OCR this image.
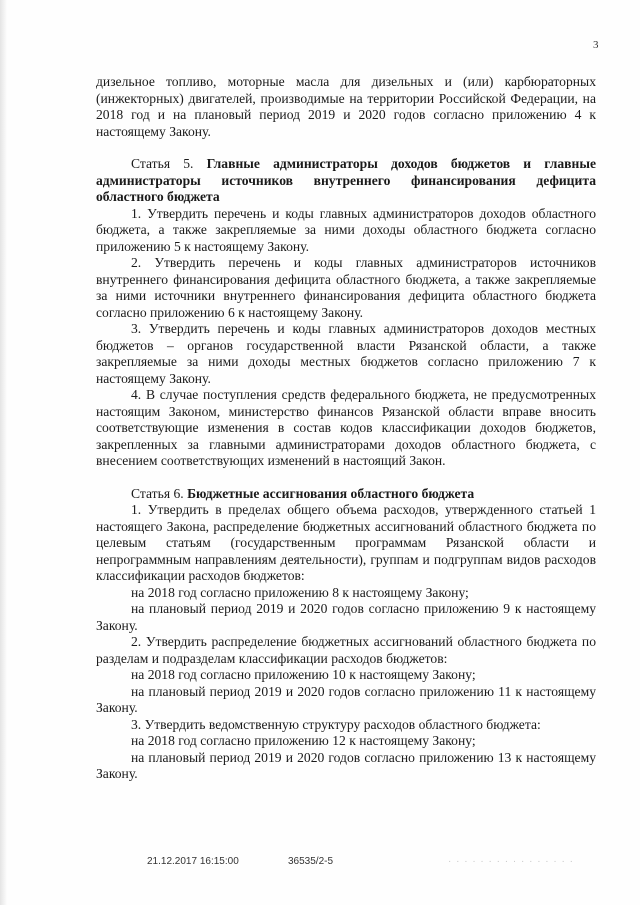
3

дизельное топливо, моторные масла для дизельных и (или) карбюраторных (инжекторных) двигателей, производимые на территории Российской Федерации, на 2018 год и на плановый период 2019 и 2020 годов согласно приложению 4 к настоящему Закону.

Статья 5. Главные администраторы доходов бюджетов и главные администраторы источников внутреннего финансирования дефицита областного бюджета

1. Утвердить перечень и коды главных администраторов доходов областного бюджета, а также закрепляемые за ними доходы областного бюджета согласно приложению 5 к настоящему Закону.

2. Утвердить перечень и коды главных администраторов источников внутреннего финансирования дефицита областного бюджета, а также закрепляемые за ними источники внутреннего финансирования дефицита областного бюджета согласно приложению 6 к настоящему Закону.

3. Утвердить перечень и коды главных администраторов доходов местных бюджетов – органов государственной власти Рязанской области, а также закрепляемые за ними доходы местных бюджетов согласно приложению 7 к настоящему Закону.

4. В случае поступления средств федерального бюджета, не предусмотренных настоящим Законом, министерство финансов Рязанской области вправе вносить соответствующие изменения в состав кодов классификации доходов бюджетов, закрепленных за главными администраторами доходов областного бюджета, с внесением соответствующих изменений в настоящий Закон.

Статья 6. Бюджетные ассигнования областного бюджета

1. Утвердить в пределах общего объема расходов, утвержденного статьей 1 настоящего Закона, распределение бюджетных ассигнований областного бюджета по целевым статьям (государственным программам Рязанской области и непрограммным направлениям деятельности), группам и подгруппам видов расходов классификации расходов бюджетов:

на 2018 год согласно приложению 8 к настоящему Закону;

на плановый период 2019 и 2020 годов согласно приложению 9 к настоящему Закону.

2. Утвердить распределение бюджетных ассигнований областного бюджета по разделам и подразделам классификации расходов бюджетов:

на 2018 год согласно приложению 10 к настоящему Закону;

на плановый период 2019 и 2020 годов согласно приложению 11 к настоящему Закону.

3. Утвердить ведомственную структуру расходов областного бюджета:

на 2018 год согласно приложению 12 к настоящему Закону;

на плановый период 2019 и 2020 годов согласно приложению 13 к настоящему Закону.

21.12.2017 16:15:00	36535/2-5	· · · · · · · · · · · · · · · ·
